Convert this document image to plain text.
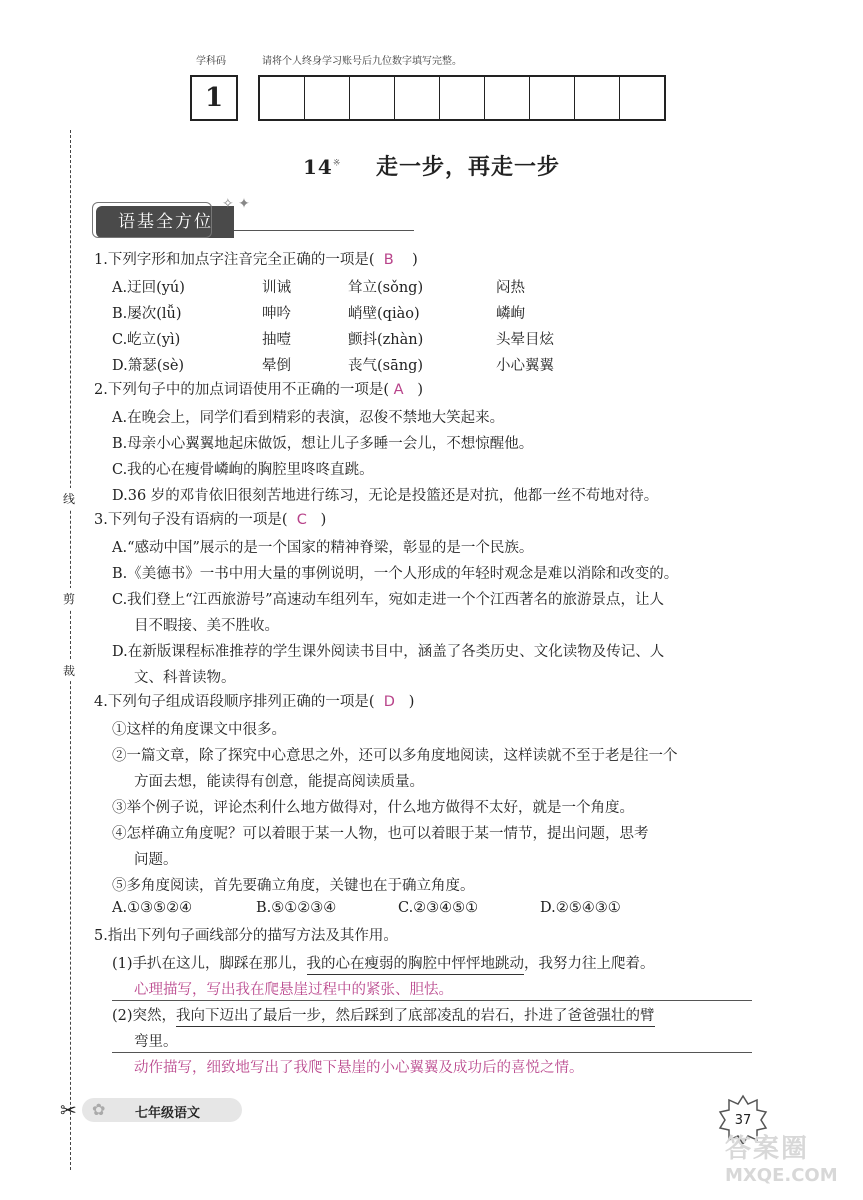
学科码	请将个人终身学习账号后九位数字填写完整。
1
14※ 走一步，再走一步
语基全方位
✧ ✦
1.下列字形和加点字注音完全正确的一项是( B )
A.迂回(yú)	训诫	耸立(sǒng)	闷热
B.屡次(lǚ)	呻吟	峭壁(qiào)	嶙峋
C.屹立(yì)	抽噎	颤抖(zhàn)	头晕目炫
D.箫瑟(sè)	晕倒	丧气(sāng)	小心翼翼
2.下列句子中的加点词语使用不正确的一项是( A )
A.在晚会上，同学们看到精彩的表演，忍俊不禁地大笑起来。
B.母亲小心翼翼地起床做饭，想让儿子多睡一会儿，不想惊醒他。
C.我的心在瘦骨嶙峋的胸腔里咚咚直跳。
D.36 岁的邓肯依旧很刻苦地进行练习，无论是投篮还是对抗，他都一丝不苟地对待。
3.下列句子没有语病的一项是( C )
A.“感动中国”展示的是一个国家的精神脊梁，彰显的是一个民族。
B.《美德书》一书中用大量的事例说明，一个人形成的年轻时观念是难以消除和改变的。
C.我们登上“江西旅游号”高速动车组列车，宛如走进一个个江西著名的旅游景点，让人
目不暇接、美不胜收。
D.在新版课程标准推荐的学生课外阅读书目中，涵盖了各类历史、文化读物及传记、人
文、科普读物。
4.下列句子组成语段顺序排列正确的一项是( D )
①这样的角度课文中很多。
②一篇文章，除了探究中心意思之外，还可以多角度地阅读，这样读就不至于老是往一个
方面去想，能读得有创意，能提高阅读质量。
③举个例子说，评论杰利什么地方做得对，什么地方做得不太好，就是一个角度。
④怎样确立角度呢？可以着眼于某一人物，也可以着眼于某一情节，提出问题，思考
问题。
⑤多角度阅读，首先要确立角度，关键也在于确立角度。
A.①③⑤②④	B.⑤①②③④	C.②③④⑤①	D.②⑤④③①
5.指出下列句子画线部分的描写方法及其作用。
(1)手扒在这儿，脚踩在那儿，我的心在瘦弱的胸腔中怦怦地跳动，我努力往上爬着。
心理描写，写出我在爬悬崖过程中的紧张、胆怯。
(2)突然，我向下迈出了最后一步，然后踩到了底部凌乱的岩石，扑进了爸爸强壮的臂
弯里。
动作描写，细致地写出了我爬下悬崖的小心翼翼及成功后的喜悦之情。
线
剪
裁
✂ ✿ 七年级语文	37
答案圈
MXQE.COM
